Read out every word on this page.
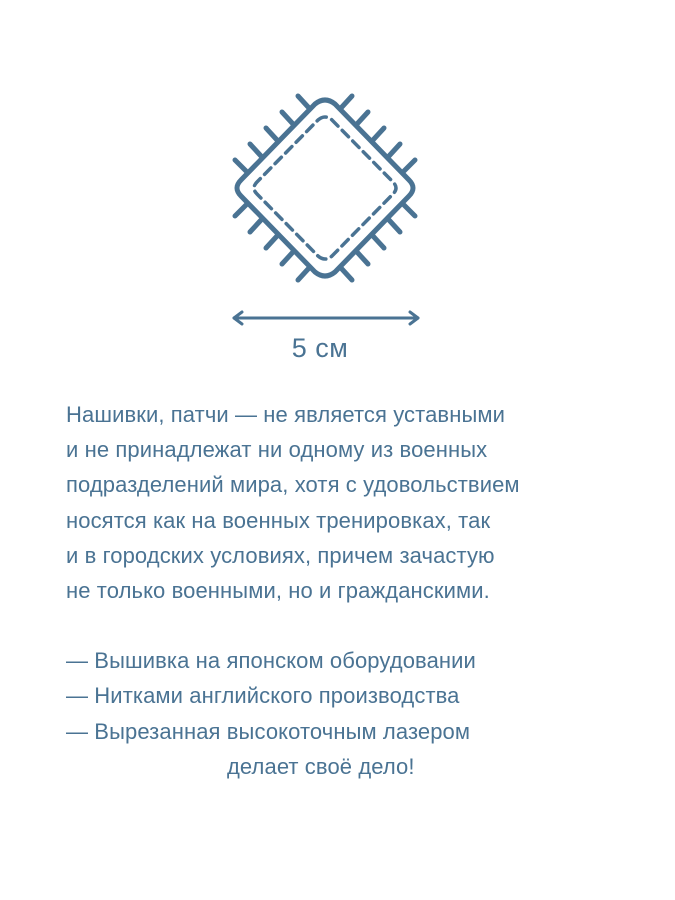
5 см
Нашивки, патчи — не является уставными
и не принадлежат ни одному из военных
подразделений мира, хотя с удовольствием
носятся как на военных тренировках, так
и в городских условиях, причем зачастую
не только военными, но и гражданскими.
— Вышивка на японском оборудовании
— Нитками английского производства
— Вырезанная высокоточным лазером
делает своё дело!
